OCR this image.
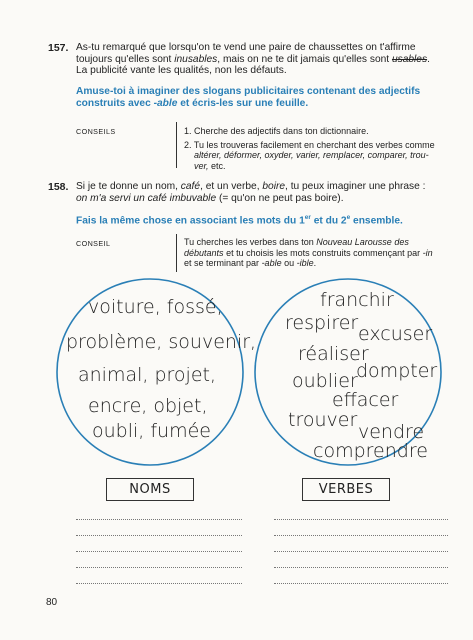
157. As-tu remarqué que lorsqu'on te vend une paire de chaussettes on t'affirme
toujours qu'elles sont inusables, mais on ne te dit jamais qu'elles sont usables.
La publicité vante les qualités, non les défauts.
Amuse-toi à imaginer des slogans publicitaires contenant des adjectifs
construits avec -able et écris-les sur une feuille.
CONSEILS	1. Cherche des adjectifs dans ton dictionnaire.
2. Tu les trouveras facilement en cherchant des verbes comme
altérer, déformer, oxyder, varier, remplacer, comparer, trou-
ver, etc.
158. Si je te donne un nom, café, et un verbe, boire, tu peux imaginer une phrase :
on m'a servi un café imbuvable (= qu'on ne peut pas boire).
Fais la même chose en associant les mots du 1er et du 2e ensemble.
CONSEIL	Tu cherches les verbes dans ton Nouveau Larousse des
débutants et tu choisis les mots construits commençant par -in
et se terminant par -able ou -ible.
voiture, fossé,
problème, souvenir,
animal, projet,
encre, objet,
oubli, fumée
franchir
respirer excuser
réaliser
oublier
dompter
effacer
trouver
vendre
comprendre
NOMS	VERBES
80
